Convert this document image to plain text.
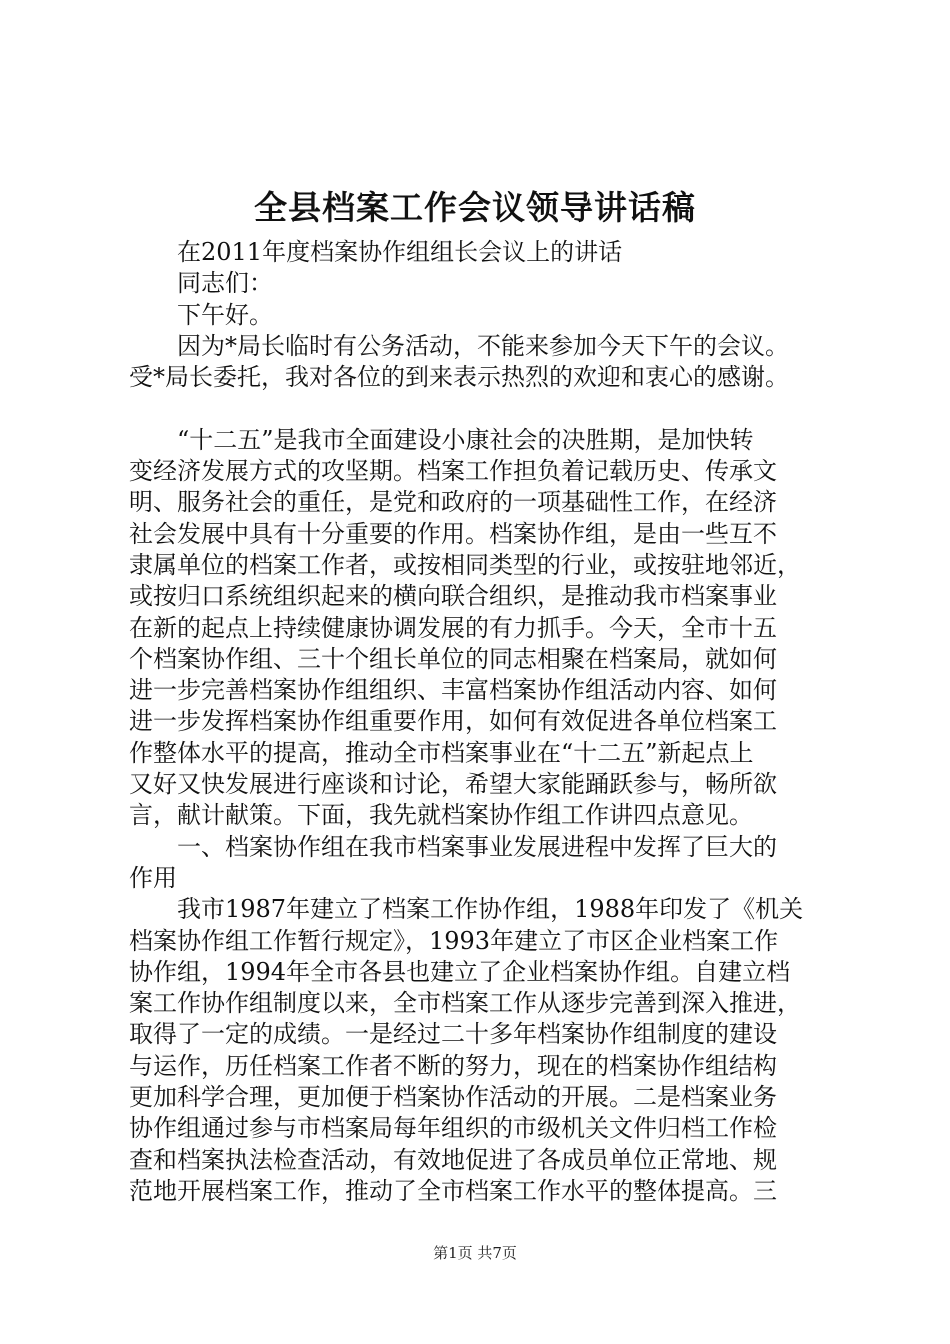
全县档案工作会议领导讲话稿
在2011年度档案协作组组长会议上的讲话
同志们：
下午好。
因为*局长临时有公务活动，不能来参加今天下午的会议。
受*局长委托，我对各位的到来表示热烈的欢迎和衷心的感谢。
“十二五”是我市全面建设小康社会的决胜期，是加快转
变经济发展方式的攻坚期。档案工作担负着记载历史、传承文
明、服务社会的重任，是党和政府的一项基础性工作，在经济
社会发展中具有十分重要的作用。档案协作组，是由一些互不
隶属单位的档案工作者，或按相同类型的行业，或按驻地邻近，
或按归口系统组织起来的横向联合组织，是推动我市档案事业
在新的起点上持续健康协调发展的有力抓手。今天，全市十五
个档案协作组、三十个组长单位的同志相聚在档案局，就如何
进一步完善档案协作组组织、丰富档案协作组活动内容、如何
进一步发挥档案协作组重要作用，如何有效促进各单位档案工
作整体水平的提高，推动全市档案事业在“十二五”新起点上
又好又快发展进行座谈和讨论，希望大家能踊跃参与，畅所欲
言，献计献策。下面，我先就档案协作组工作讲四点意见。
一、档案协作组在我市档案事业发展进程中发挥了巨大的
作用
我市1987年建立了档案工作协作组，1988年印发了《机关
档案协作组工作暂行规定》，1993年建立了市区企业档案工作
协作组，1994年全市各县也建立了企业档案协作组。自建立档
案工作协作组制度以来，全市档案工作从逐步完善到深入推进，
取得了一定的成绩。一是经过二十多年档案协作组制度的建设
与运作，历任档案工作者不断的努力，现在的档案协作组结构
更加科学合理，更加便于档案协作活动的开展。二是档案业务
协作组通过参与市档案局每年组织的市级机关文件归档工作检
查和档案执法检查活动，有效地促进了各成员单位正常地、规
范地开展档案工作，推动了全市档案工作水平的整体提高。三
第1页 共7页
